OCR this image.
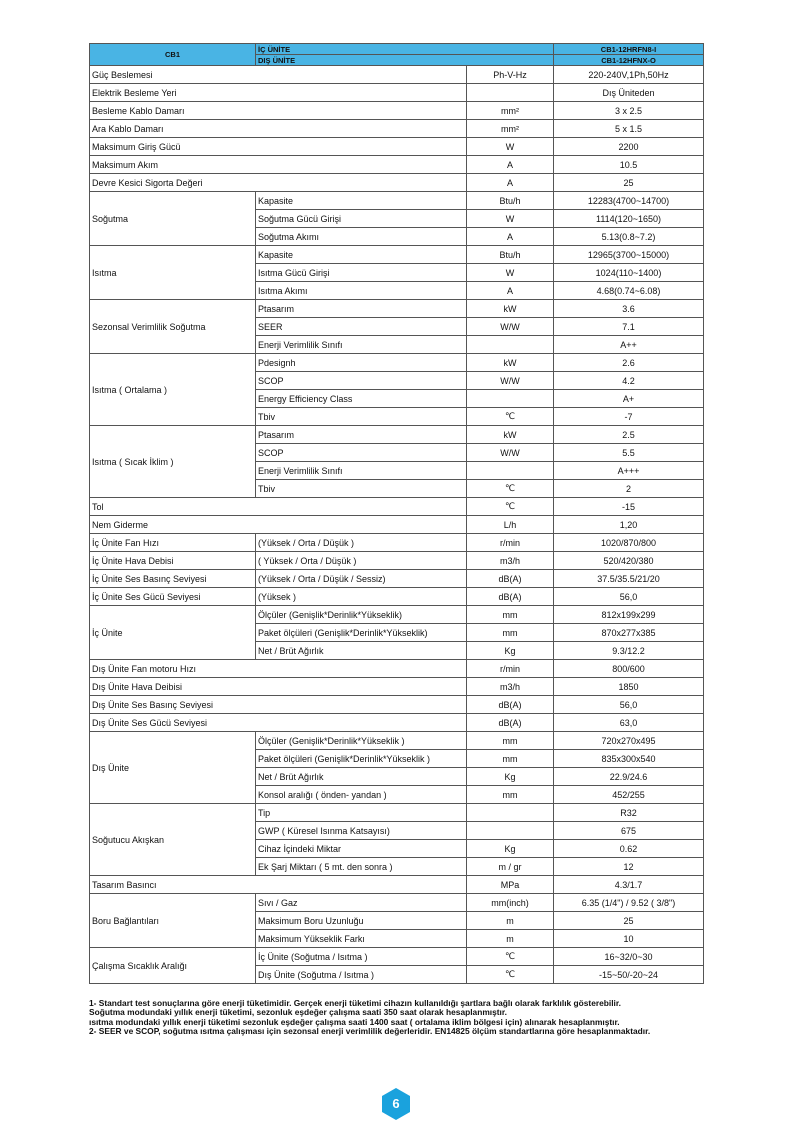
CB1	İÇ ÜNİTE		CB1-12HRFN8-I
	DIŞ ÜNİTE		CB1-12HFNX-O
Güç Beslemesi		Ph-V-Hz	220-240V,1Ph,50Hz
Elektrik Besleme Yeri			Dış Üniteden
Besleme Kablo Damarı		mm²	3 x 2.5
Ara Kablo Damarı		mm²	5 x 1.5
Maksimum Giriş Gücü		W	2200
Maksimum Akım		A	10.5
Devre Kesici Sigorta Değeri		A	25
Soğutma	Kapasite	Btu/h	12283(4700~14700)
	Soğutma Gücü Girişi	W	1114(120~1650)
	Soğutma Akımı	A	5.13(0.8~7.2)
Isıtma	Kapasite	Btu/h	12965(3700~15000)
	Isıtma Gücü Girişi	W	1024(110~1400)
	Isıtma Akımı	A	4.68(0.74~6.08)
Sezonsal Verimlilik Soğutma	Ptasarım	kW	3.6
	SEER	W/W	7.1
	Enerji Verimlilik Sınıfı		A++
Isıtma ( Ortalama )	Pdesignh	kW	2.6
	SCOP	W/W	4.2
	Energy Efficiency Class		A+
	Tbiv	℃	-7
Isıtma ( Sıcak İklim )	Ptasarım	kW	2.5
	SCOP	W/W	5.5
	Enerji Verimlilik Sınıfı		A+++
	Tbiv	℃	2
Tol		℃	-15
Nem Giderme		L/h	1,20
İç Ünite Fan Hızı	(Yüksek / Orta / Düşük )	r/min	1020/870/800
İç Ünite Hava Debisi	( Yüksek / Orta / Düşük )	m3/h	520/420/380
İç Ünite Ses Basınç Seviyesi	(Yüksek / Orta / Düşük / Sessiz)	dB(A)	37.5/35.5/21/20
İç Ünite Ses Gücü Seviyesi	(Yüksek )	dB(A)	56,0
İç Ünite	Ölçüler (Genişlik*Derinlik*Yükseklik)	mm	812x199x299
	Paket ölçüleri (Genişlik*Derinlik*Yükseklik)	mm	870x277x385
	Net / Brüt Ağırlık	Kg	9.3/12.2
Dış Ünite Fan motoru Hızı		r/min	800/600
Dış Ünite Hava Deibisi		m3/h	1850
Dış Ünite Ses Basınç Seviyesi		dB(A)	56,0
Dış Ünite Ses Gücü Seviyesi		dB(A)	63,0
Dış Ünite	Ölçüler (Genişlik*Derinlik*Yükseklik )	mm	720x270x495
	Paket ölçüleri (Genişlik*Derinlik*Yükseklik )	mm	835x300x540
	Net / Brüt Ağırlık	Kg	22.9/24.6
	Konsol aralığı ( önden- yandan )	mm	452/255
Soğutucu Akışkan	Tip		R32
	GWP ( Küresel Isınma Katsayısı)		675
	Cihaz İçindeki Miktar	Kg	0.62
	Ek Şarj Miktarı ( 5 mt. den sonra )	m / gr	12
Tasarım Basıncı		MPa	4.3/1.7
Boru Bağlantıları	Sıvı / Gaz	mm(inch)	6.35 (1/4") / 9.52 ( 3/8")
	Maksimum Boru Uzunluğu	m	25
	Maksimum Yükseklik Farkı	m	10
Çalışma Sıcaklık Aralığı	İç Ünite (Soğutma / Isıtma )	℃	16~32/0~30
	Dış Ünite (Soğutma / Isıtma )	℃	-15~50/-20~24

1- Standart test sonuçlarına göre enerji tüketimidir. Gerçek enerji tüketimi cihazın kullanıldığı şartlara bağlı olarak farklılık gösterebilir.

Soğutma modundaki yıllık enerji tüketimi, sezonluk eşdeğer çalışma saati 350 saat olarak hesaplanmıştır.

ısıtma modundaki yıllık enerji tüketimi sezonluk eşdeğer çalışma saati 1400 saat ( ortalama iklim bölgesi için) alınarak hesaplanmıştır.

2- SEER ve SCOP, soğutma ısıtma çalışması için sezonsal enerji verimlilik değerleridir. EN14825 ölçüm standartlarına göre hesaplanmaktadır.

6
